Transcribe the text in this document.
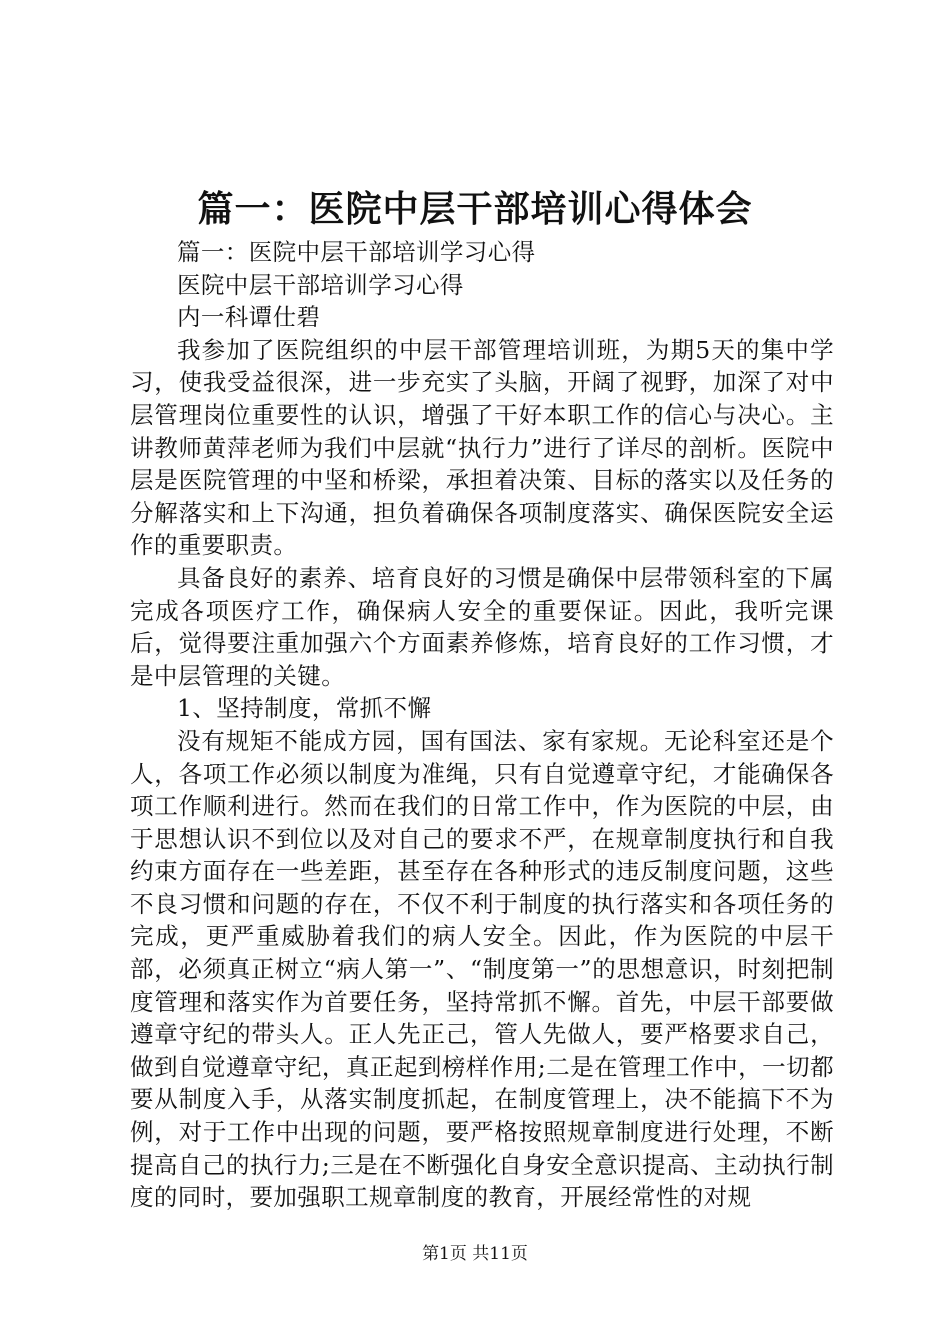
篇一：医院中层干部培训心得体会

篇一：医院中层干部培训学习心得

医院中层干部培训学习心得

内一科谭仕碧

我参加了医院组织的中层干部管理培训班，为期5天的集中学习，使我受益很深，进一步充实了头脑，开阔了视野，加深了对中层管理岗位重要性的认识，增强了干好本职工作的信心与决心。主讲教师黄萍老师为我们中层就“执行力”进行了详尽的剖析。医院中层是医院管理的中坚和桥梁，承担着决策、目标的落实以及任务的分解落实和上下沟通，担负着确保各项制度落实、确保医院安全运作的重要职责。

具备良好的素养、培育良好的习惯是确保中层带领科室的下属完成各项医疗工作，确保病人安全的重要保证。因此，我听完课后，觉得要注重加强六个方面素养修炼，培育良好的工作习惯，才是中层管理的关键。

1、坚持制度，常抓不懈

没有规矩不能成方园，国有国法、家有家规。无论科室还是个人，各项工作必须以制度为准绳，只有自觉遵章守纪，才能确保各项工作顺利进行。然而在我们的日常工作中，作为医院的中层，由于思想认识不到位以及对自己的要求不严，在规章制度执行和自我约束方面存在一些差距，甚至存在各种形式的违反制度问题，这些不良习惯和问题的存在，不仅不利于制度的执行落实和各项任务的完成，更严重威胁着我们的病人安全。因此，作为医院的中层干部，必须真正树立“病人第一”、“制度第一”的思想意识，时刻把制度管理和落实作为首要任务，坚持常抓不懈。首先，中层干部要做遵章守纪的带头人。正人先正己，管人先做人，要严格要求自己，做到自觉遵章守纪，真正起到榜样作用;二是在管理工作中，一切都要从制度入手，从落实制度抓起，在制度管理上，决不能搞下不为例，对于工作中出现的问题，要严格按照规章制度进行处理，不断提高自己的执行力;三是在不断强化自身安全意识提高、主动执行制度的同时，要加强职工规章制度的教育，开展经常性的对规

第1页 共11页
